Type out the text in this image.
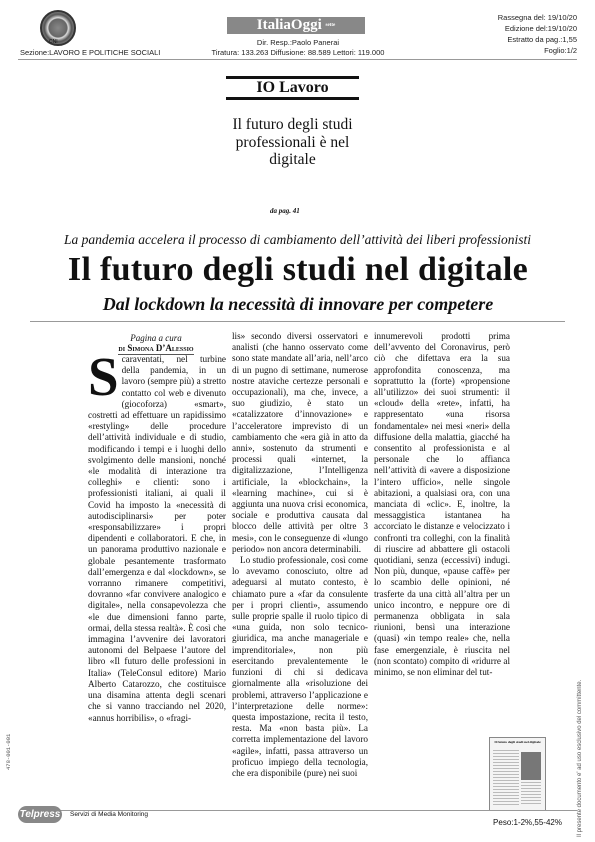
CNI
ItaliaOggi sette
Rassegna del: 19/10/20
Edizione del:19/10/20
Estratto da pag.:1,55
Foglio:1/2
Dir. Resp.:Paolo Panerai
Sezione:LAVORO E POLITICHE SOCIALI	Tiratura: 133.263 Diffusione: 88.589 Lettori: 119.000
IO Lavoro
Il futuro degli studi professionali è nel digitale
da pag. 41
La pandemia accelera il processo di cambiamento dell’attività dei liberi professionisti
Il futuro degli studi nel digitale
Dal lockdown la necessità di innovare per competere
Pagina a cura
di Simona D’Alessio

Scaraventati, nel turbine della pandemia, in un lavoro (sempre più) a stretto contatto col web e divenuto (giocoforza) «smart», costretti ad effettuare un rapidissimo «restyling» delle procedure dell’attività individuale e di studio, modificando i tempi e i luoghi dello svolgimento delle mansioni, nonché «le modalità di interazione tra colleghi» e clienti: sono i professionisti italiani, ai quali il Covid ha imposto la «necessità di autodisciplinarsi» per poter «responsabilizzare» i propri dipendenti e collaboratori. E che, in un panorama produttivo nazionale e globale pesantemente trasformato dall’emergenza e dal «lockdown», se vorranno rimanere competitivi, dovranno «far convivere analogico e digitale», nella consapevolezza che «le due dimensioni fanno parte, ormai, della stessa realtà». È così che immagina l’avvenire dei lavoratori autonomi del Belpaese l’autore del libro «Il futuro delle professioni in Italia» (TeleConsul editore) Mario Alberto Catarozzo, che costituisce una disamina attenta degli scenari che si vanno tracciando nel 2020, «annus horribilis», o «fragi-

lis» secondo diversi osservatori e analisti (che hanno osservato come sono state mandate all’aria, nell’arco di un pugno di settimane, numerose nostre ataviche certezze personali e occupazionali), ma che, invece, a suo giudizio, è stato un «catalizzatore d’innovazione» e l’acceleratore imprevisto di un cambiamento che «era già in atto da anni», sostenuto da strumenti e processi quali «internet, la digitalizzazione, l’Intelligenza artificiale, la «blockchain», la «learning machine», cui si è aggiunta una nuova crisi economica, sociale e produttiva causata dal blocco delle attività per oltre 3 mesi», con le conseguenze di «lungo periodo» non ancora determinabili.

Lo studio professionale, così come lo avevamo conosciuto, oltre ad adeguarsi al mutato contesto, è chiamato pure a «far da consulente per i propri clienti», assumendo sulle proprie spalle il ruolo tipico di «una guida, non solo tecnico-giuridica, ma anche manageriale e imprenditoriale», non più esercitando prevalentemente le funzioni di chi si dedicava giornalmente alla «risoluzione dei problemi, attraverso l’applicazione e l’interpretazione delle norme»: questa impostazione, recita il testo, resta. Ma «non basta più». La corretta implementazione del lavoro «agile», infatti, passa attraverso un proficuo impiego della tecnologia, che era disponibile (pure) nei suoi

innumerevoli prodotti prima dell’avvento del Coronavirus, però ciò che difettava era la sua approfondita conoscenza, ma soprattutto la (forte) «propensione all’utilizzo» dei suoi strumenti: il «cloud» della «rete», infatti, ha rappresentato «una risorsa fondamentale» nei mesi «neri» della diffusione della malattia, giacché ha consentito al professionista e al personale che lo affianca nell’attività di «avere a disposizione l’intero ufficio», nelle singole abitazioni, a qualsiasi ora, con una manciata di «clic». E, inoltre, la messaggistica istantanea ha accorciato le distanze e velocizzato i confronti tra colleghi, con la finalità di riuscire ad abbattere gli ostacoli quotidiani, senza (eccessivi) indugi. Non più, dunque, «pause caffè» per lo scambio delle opinioni, né trasferte da una città all’altra per un unico incontro, e neppure ore di permanenza obbligata in sala riunioni, bensì una interazione (quasi) «in tempo reale» che, nella fase emergenziale, è riuscita nel (non scontato) compito di «ridurre al minimo, se non eliminar del tut-

Il futuro degli studi nel digitale
Peso:1-2%,55-42%	Il presente documento e' ad uso esclusivo del committente.
478-001-001
Telpress Servizi di Media Monitoring
